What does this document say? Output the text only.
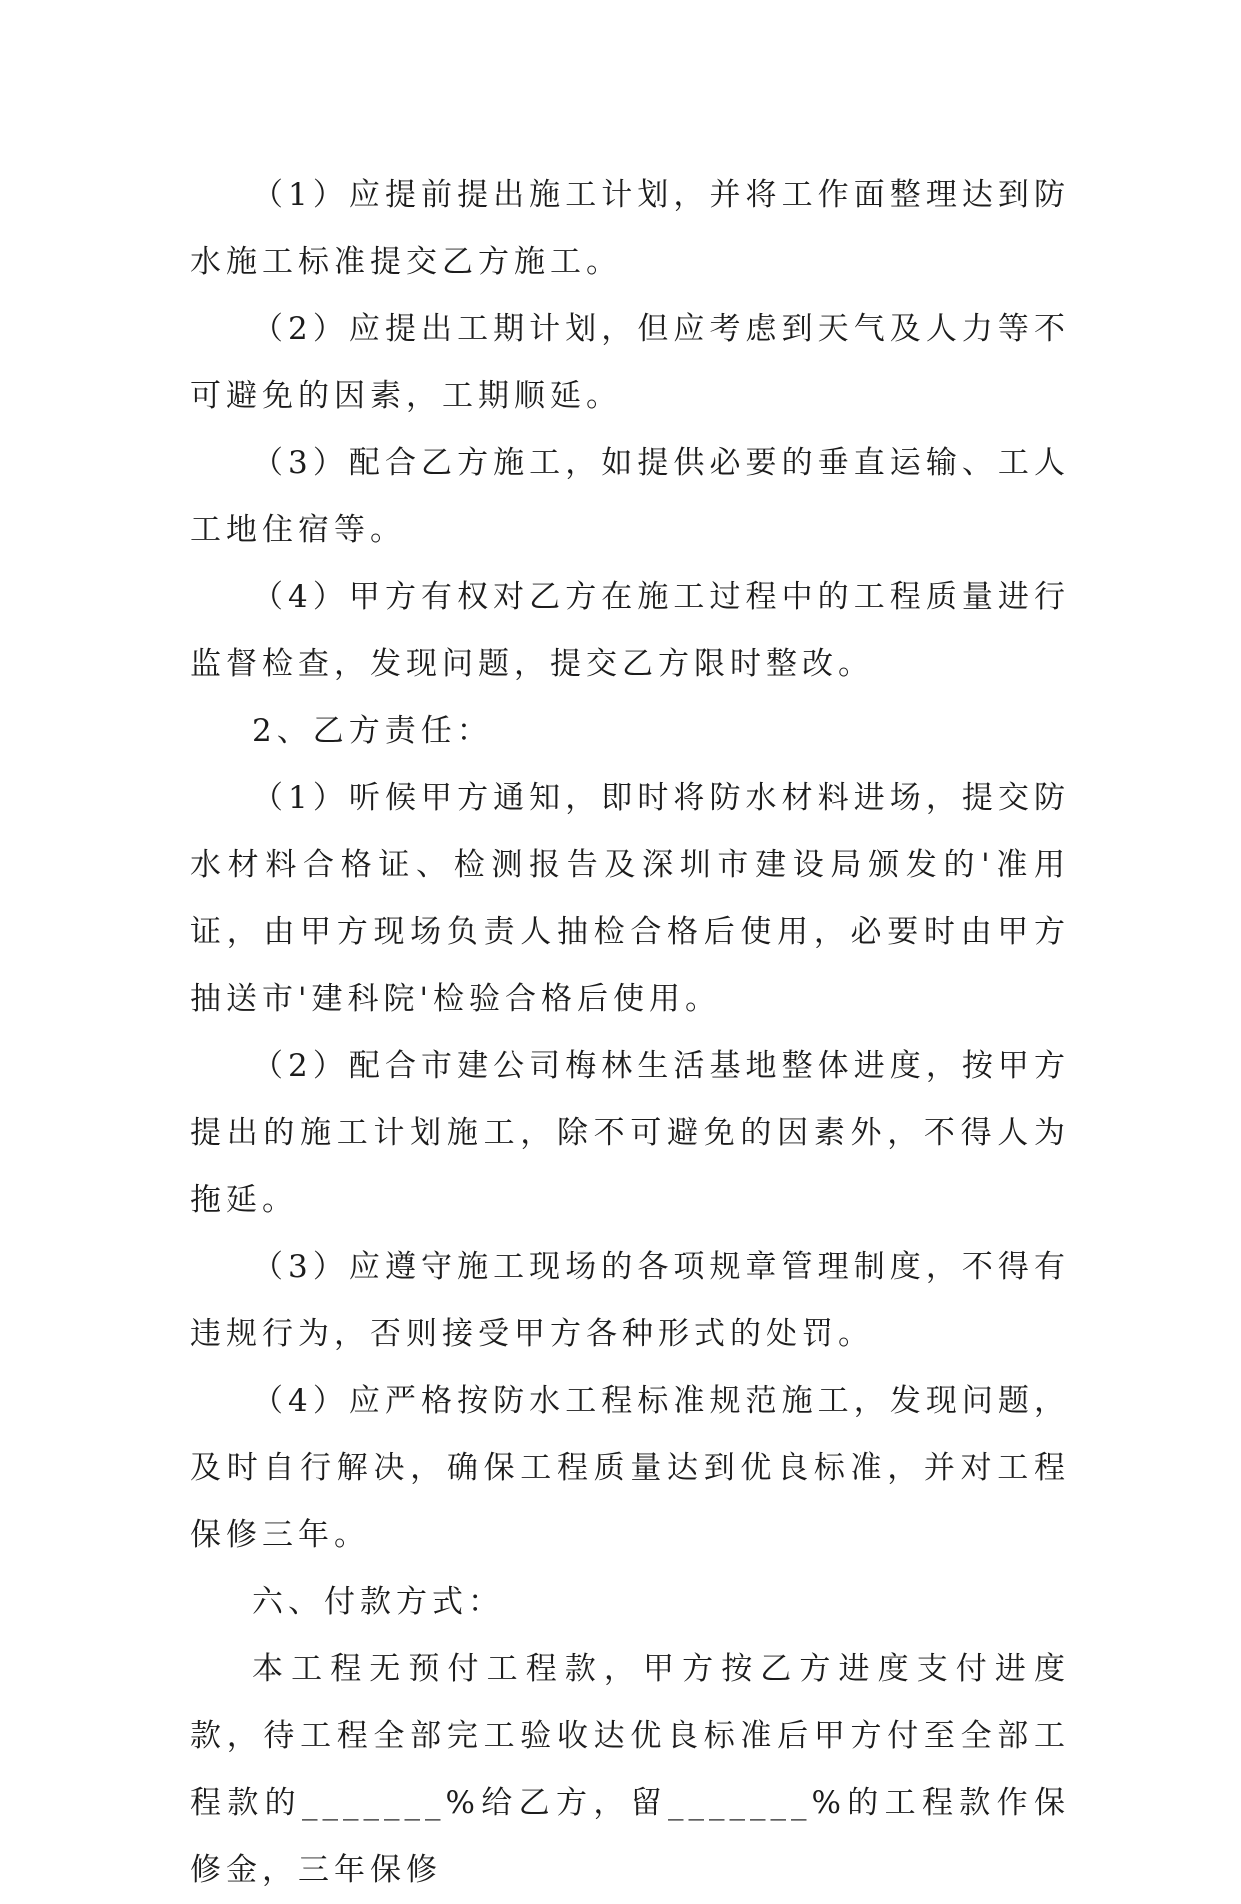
（1）应提前提出施工计划，并将工作面整理达到防水施工标准提交乙方施工。

（2）应提出工期计划，但应考虑到天气及人力等不可避免的因素，工期顺延。

（3）配合乙方施工，如提供必要的垂直运输、工人工地住宿等。

（4）甲方有权对乙方在施工过程中的工程质量进行监督检查，发现问题，提交乙方限时整改。

2、乙方责任：

（1）听候甲方通知，即时将防水材料进场，提交防水材料合格证、检测报告及深圳市建设局颁发的'准用证，由甲方现场负责人抽检合格后使用，必要时由甲方抽送市'建科院'检验合格后使用。

（2）配合市建公司梅林生活基地整体进度，按甲方提出的施工计划施工，除不可避免的因素外，不得人为拖延。

（3）应遵守施工现场的各项规章管理制度，不得有违规行为，否则接受甲方各种形式的处罚。

（4）应严格按防水工程标准规范施工，发现问题，及时自行解决，确保工程质量达到优良标准，并对工程保修三年。

六、付款方式：

本工程无预付工程款，甲方按乙方进度支付进度款，待工程全部完工验收达优良标准后甲方付至全部工程款的_______%给乙方，留_______%的工程款作保修金，三年保修
